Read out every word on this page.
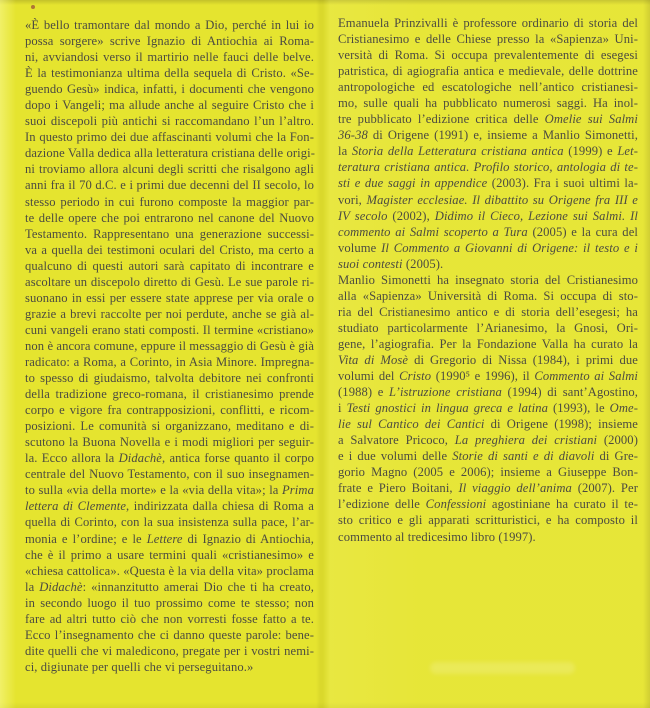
«È bello tramontare dal mondo a Dio, perché in lui io
possa sorgere» scrive Ignazio di Antiochia ai Roma-
ni, avviandosi verso il martirio nelle fauci delle belve.
È la testimonianza ultima della sequela di Cristo. «Se-
guendo Gesù» indica, infatti, i documenti che vengono
dopo i Vangeli; ma allude anche al seguire Cristo che i
suoi discepoli più antichi si raccomandano l’un l’altro.
In questo primo dei due affascinanti volumi che la Fon-
dazione Valla dedica alla letteratura cristiana delle origi-
ni troviamo allora alcuni degli scritti che risalgono agli
anni fra il 70 d.C. e i primi due decenni del II secolo, lo
stesso periodo in cui furono composte la maggior par-
te delle opere che poi entrarono nel canone del Nuovo
Testamento. Rappresentano una generazione successi-
va a quella dei testimoni oculari del Cristo, ma certo a
qualcuno di questi autori sarà capitato di incontrare e
ascoltare un discepolo diretto di Gesù. Le sue parole ri-
suonano in essi per essere state apprese per via orale o
grazie a brevi raccolte per noi perdute, anche se già al-
cuni vangeli erano stati composti. Il termine «cristiano»
non è ancora comune, eppure il messaggio di Gesù è già
radicato: a Roma, a Corinto, in Asia Minore. Impregna-
to spesso di giudaismo, talvolta debitore nei confronti
della tradizione greco-romana, il cristianesimo prende
corpo e vigore fra contrapposizioni, conflitti, e ricom-
posizioni. Le comunità si organizzano, meditano e di-
scutono la Buona Novella e i modi migliori per seguir-
la. Ecco allora la Didachè, antica forse quanto il corpo
centrale del Nuovo Testamento, con il suo insegnamen-
to sulla «via della morte» e la «via della vita»; la Prima
lettera di Clemente, indirizzata dalla chiesa di Roma a
quella di Corinto, con la sua insistenza sulla pace, l’ar-
monia e l’ordine; e le Lettere di Ignazio di Antiochia,
che è il primo a usare termini quali «cristianesimo» e
«chiesa cattolica». «Questa è la via della vita» proclama
la Didachè: «innanzitutto amerai Dio che ti ha creato,
in secondo luogo il tuo prossimo come te stesso; non
fare ad altri tutto ciò che non vorresti fosse fatto a te.
Ecco l’insegnamento che ci danno queste parole: bene-
dite quelli che vi maledicono, pregate per i vostri nemi-
ci, digiunate per quelli che vi perseguitano.»
Emanuela Prinzivalli è professore ordinario di storia del
Cristianesimo e delle Chiese presso la «Sapienza» Uni-
versità di Roma. Si occupa prevalentemente di esegesi
patristica, di agiografia antica e medievale, delle dottrine
antropologiche ed escatologiche nell’antico cristianesi-
mo, sulle quali ha pubblicato numerosi saggi. Ha inol-
tre pubblicato l’edizione critica delle Omelie sui Salmi
36-38 di Origene (1991) e, insieme a Manlio Simonetti,
la Storia della Letteratura cristiana antica (1999) e Let-
teratura cristiana antica. Profilo storico, antologia di te-
sti e due saggi in appendice (2003). Fra i suoi ultimi la-
vori, Magister ecclesiae. Il dibattito su Origene fra III e
IV secolo (2002), Didimo il Cieco, Lezione sui Salmi. Il
commento ai Salmi scoperto a Tura (2005) e la cura del
volume Il Commento a Giovanni di Origene: il testo e i
suoi contesti (2005).
Manlio Simonetti ha insegnato storia del Cristianesimo
alla «Sapienza» Università di Roma. Si occupa di sto-
ria del Cristianesimo antico e di storia dell’esegesi; ha
studiato particolarmente l’Arianesimo, la Gnosi, Ori-
gene, l’agiografia. Per la Fondazione Valla ha curato la
Vita di Mosè di Gregorio di Nissa (1984), i primi due
volumi del Cristo (1990⁵ e 1996), il Commento ai Salmi
(1988) e L’istruzione cristiana (1994) di sant’Agostino,
i Testi gnostici in lingua greca e latina (1993), le Ome-
lie sul Cantico dei Cantici di Origene (1998); insieme
a Salvatore Pricoco, La preghiera dei cristiani (2000)
e i due volumi delle Storie di santi e di diavoli di Gre-
gorio Magno (2005 e 2006); insieme a Giuseppe Bon-
frate e Piero Boitani, Il viaggio dell’anima (2007). Per
l’edizione delle Confessioni agostiniane ha curato il te-
sto critico e gli apparati scritturistici, e ha composto il
commento al tredicesimo libro (1997).
